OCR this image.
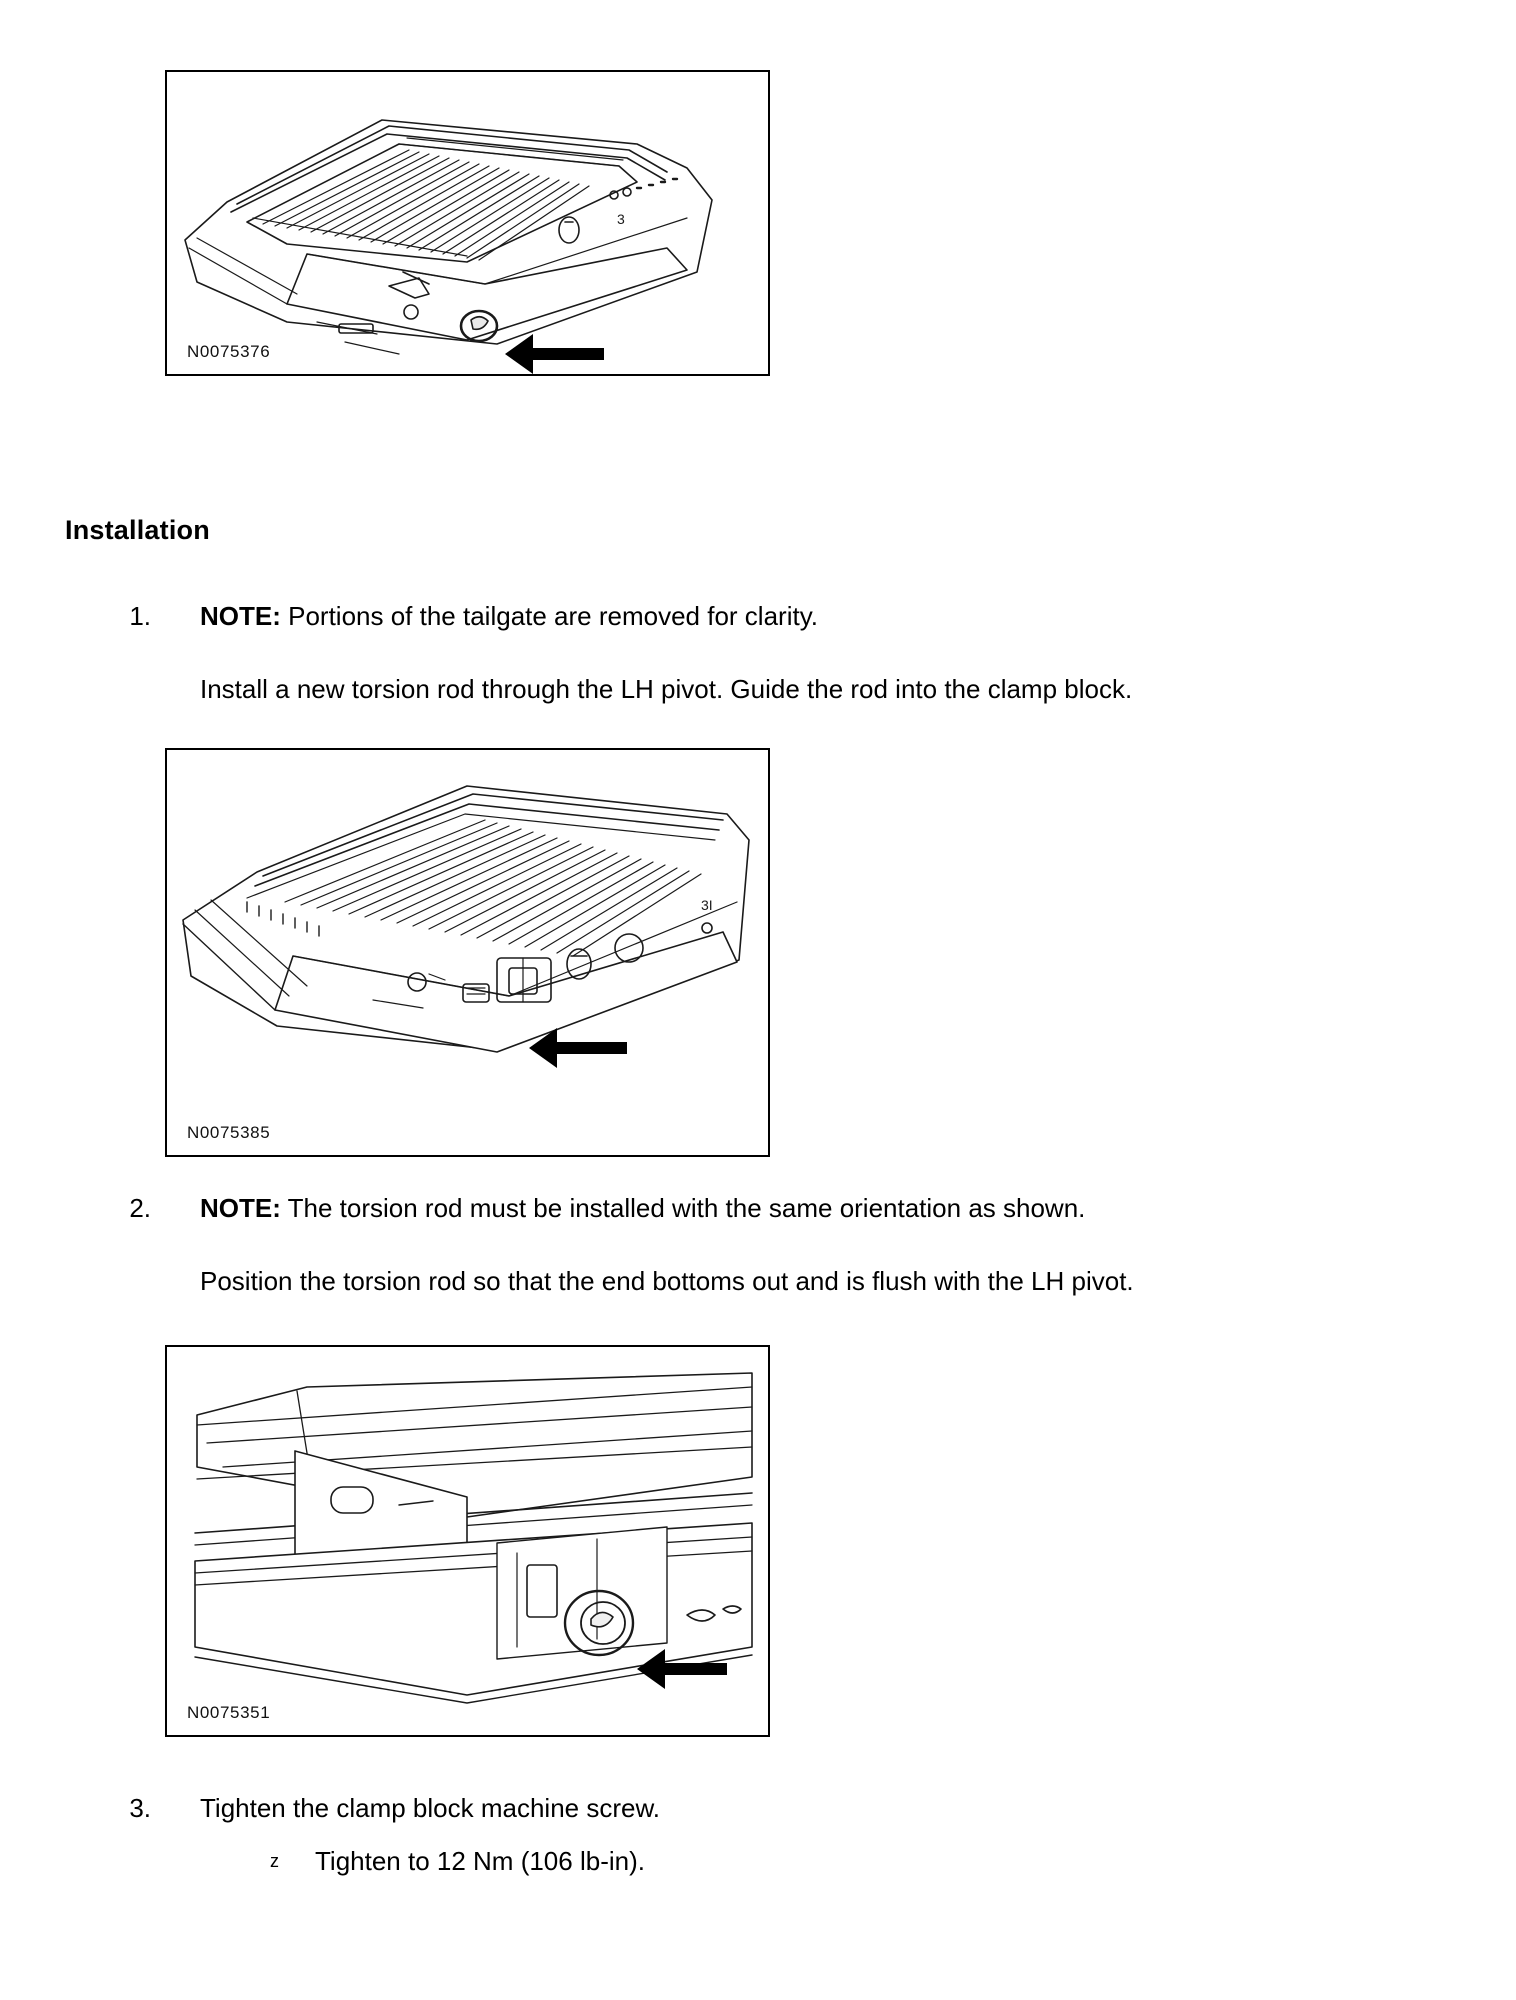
3
N0075376
Installation
1. NOTE: Portions of the tailgate are removed for clarity.
Install a new torsion rod through the LH pivot. Guide the rod into the clamp block.
3I
N0075385
2. NOTE: The torsion rod must be installed with the same orientation as shown.
Position the torsion rod so that the end bottoms out and is flush with the LH pivot.
N0075351
3. Tighten the clamp block machine screw.
z Tighten to 12 Nm (106 lb-in).
